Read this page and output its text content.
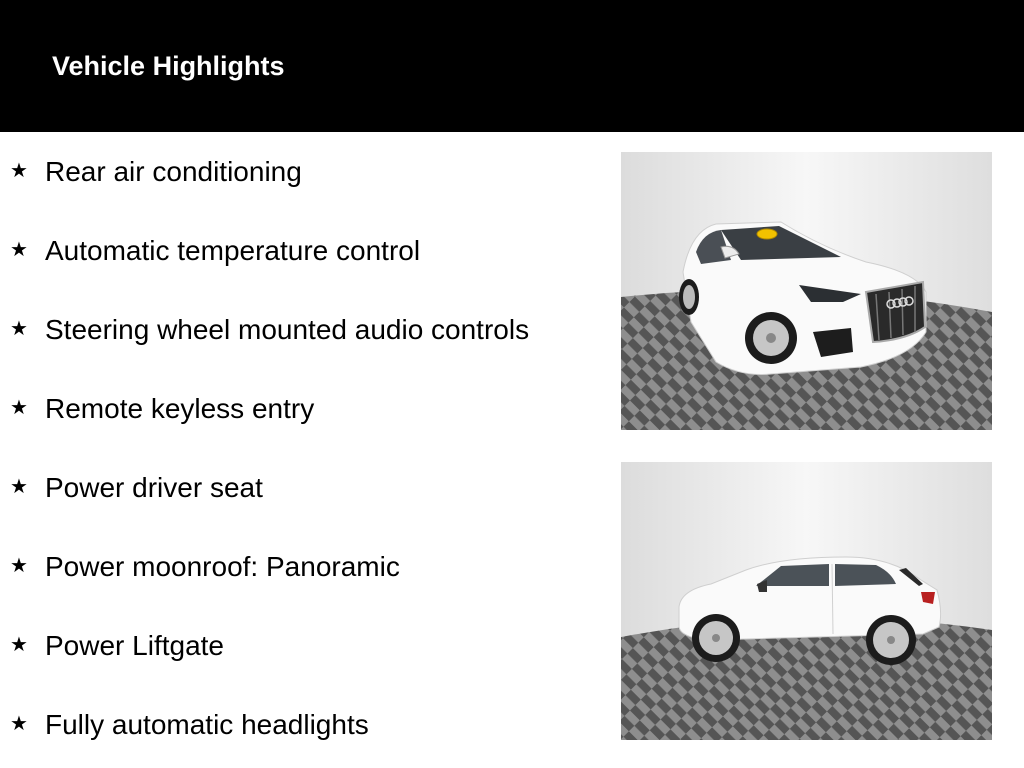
Vehicle Highlights
★ Rear air conditioning
★ Automatic temperature control
★ Steering wheel mounted audio controls
★ Remote keyless entry
★ Power driver seat
★ Power moonroof: Panoramic
★ Power Liftgate
★ Fully automatic headlights
